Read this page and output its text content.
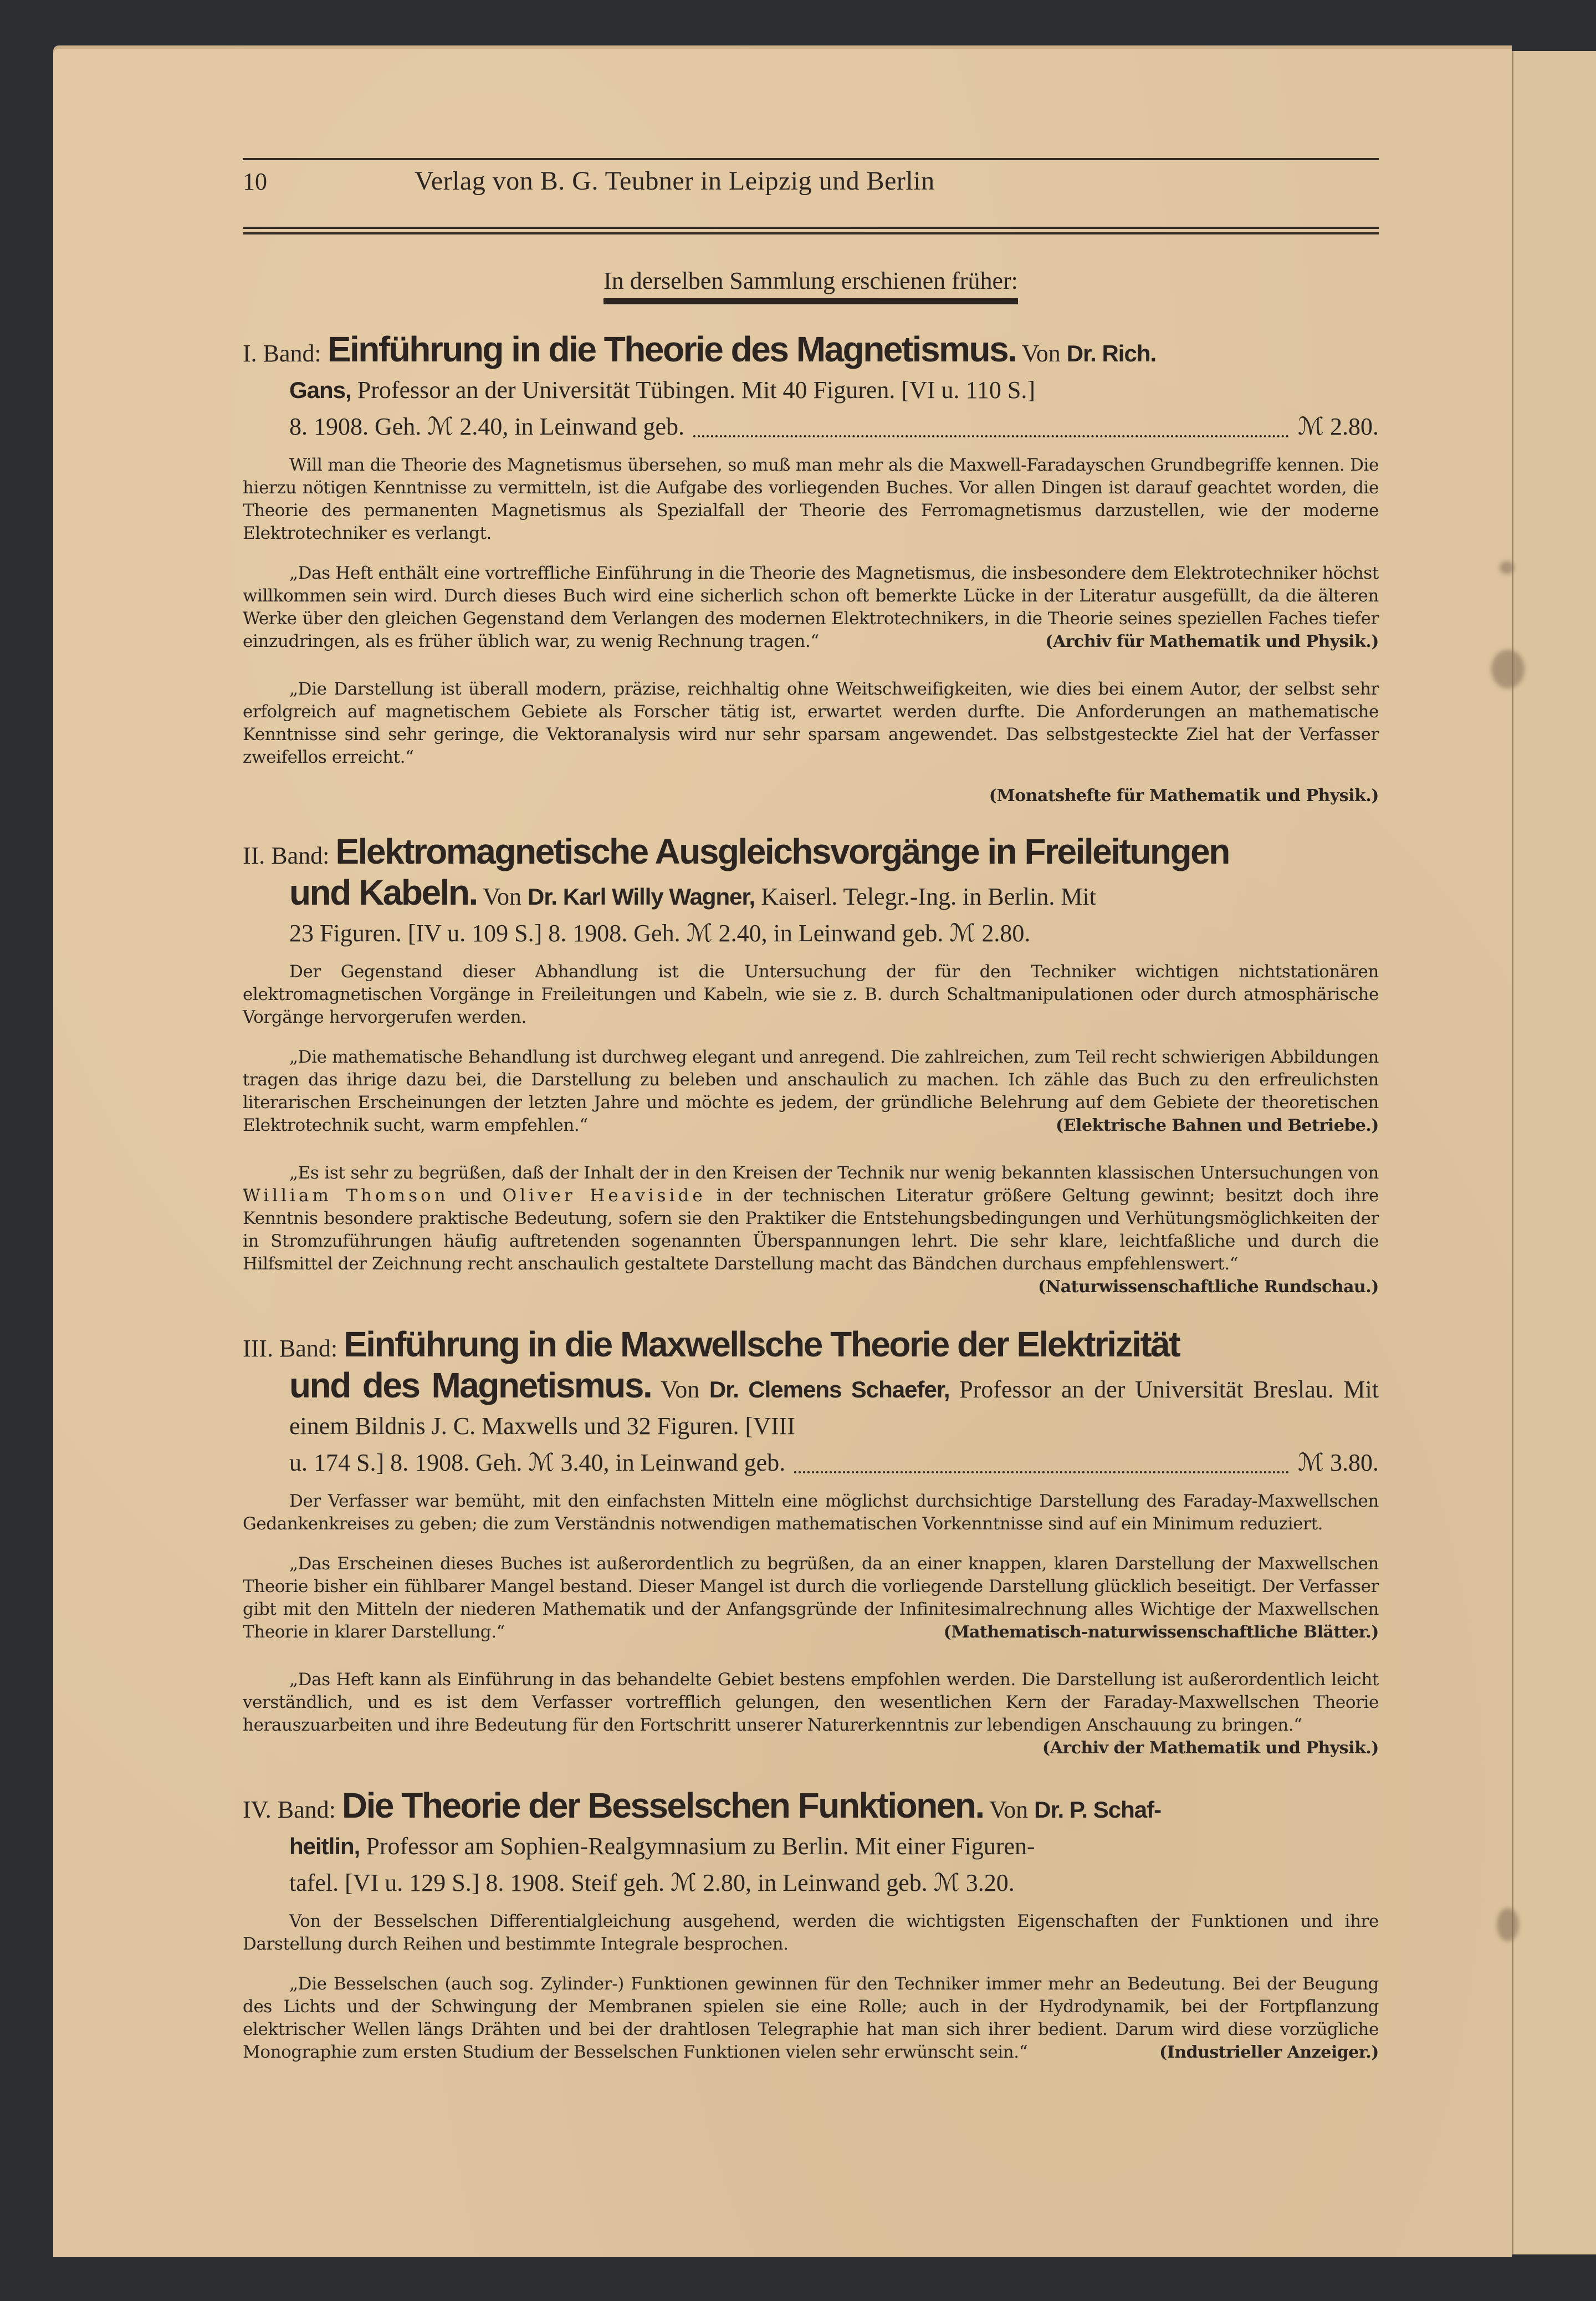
10	Verlag von B. G. Teubner in Leipzig und Berlin
In derselben Sammlung erschienen früher:
I. Band: Einführung in die Theorie des Magnetismus. Von Dr. Rich.
Gans, Professor an der Universität Tübingen. Mit 40 Figuren. [VI u. 110 S.]
8. 1908. Geh. ℳ 2.40, in Leinwand geb.	ℳ 2.80.

Will man die Theorie des Magnetismus übersehen, so muß man mehr als die Maxwell-Faradayschen Grundbegriffe kennen. Die hierzu nötigen Kenntnisse zu vermitteln, ist die Aufgabe des vorliegenden Buches. Vor allen Dingen ist darauf geachtet worden, die Theorie des permanenten Magnetismus als Spezialfall der Theorie des Ferromagnetismus darzustellen, wie der moderne Elektrotechniker es verlangt.

„Das Heft enthält eine vortreffliche Einführung in die Theorie des Magnetismus, die insbesondere dem Elektrotechniker höchst willkommen sein wird. Durch dieses Buch wird eine sicherlich schon oft bemerkte Lücke in der Literatur ausgefüllt, da die älteren Werke über den gleichen Gegenstand dem Verlangen des modernen Elektrotechnikers, in die Theorie seines speziellen Faches tiefer einzudringen, als es früher üblich war, zu wenig Rechnung tragen.“	(Archiv für Mathematik und Physik.)

„Die Darstellung ist überall modern, präzise, reichhaltig ohne Weitschweifigkeiten, wie dies bei einem Autor, der selbst sehr erfolgreich auf magnetischem Gebiete als Forscher tätig ist, erwartet werden durfte. Die Anforderungen an mathematische Kenntnisse sind sehr geringe, die Vektoranalysis wird nur sehr sparsam angewendet. Das selbstgesteckte Ziel hat der Verfasser zweifellos erreicht.“

(Monatshefte für Mathematik und Physik.)
II. Band: Elektromagnetische Ausgleichsvorgänge in Freileitungen
und Kabeln. Von Dr. Karl Willy Wagner, Kaiserl. Telegr.-Ing. in Berlin. Mit
23 Figuren. [IV u. 109 S.] 8. 1908. Geh. ℳ 2.40, in Leinwand geb. ℳ 2.80.

Der Gegenstand dieser Abhandlung ist die Untersuchung der für den Techniker wichtigen nichtstationären elektromagnetischen Vorgänge in Freileitungen und Kabeln, wie sie z. B. durch Schaltmanipulationen oder durch atmosphärische Vorgänge hervorgerufen werden.

„Die mathematische Behandlung ist durchweg elegant und anregend. Die zahlreichen, zum Teil recht schwierigen Abbildungen tragen das ihrige dazu bei, die Darstellung zu beleben und anschaulich zu machen. Ich zähle das Buch zu den erfreulichsten literarischen Erscheinungen der letzten Jahre und möchte es jedem, der gründliche Belehrung auf dem Gebiete der theoretischen Elektrotechnik sucht, warm empfehlen.“	(Elektrische Bahnen und Betriebe.)

„Es ist sehr zu begrüßen, daß der Inhalt der in den Kreisen der Technik nur wenig bekannten klassischen Untersuchungen von William Thomson und Oliver Heaviside in der technischen Literatur größere Geltung gewinnt; besitzt doch ihre Kenntnis besondere praktische Bedeutung, sofern sie den Praktiker die Entstehungsbedingungen und Verhütungsmöglichkeiten der in Stromzuführungen häufig auftretenden sogenannten Überspannungen lehrt. Die sehr klare, leichtfaßliche und durch die Hilfsmittel der Zeichnung recht anschaulich gestaltete Darstellung macht das Bändchen durchaus empfehlenswert.“
(Naturwissenschaftliche Rundschau.)

III. Band: Einführung in die Maxwellsche Theorie der Elektrizität
und des Magnetismus. Von Dr. Clemens Schaefer, Professor an der Universität Breslau. Mit einem Bildnis J. C. Maxwells und 32 Figuren. [VIII
u. 174 S.] 8. 1908. Geh. ℳ 3.40, in Leinwand geb.	ℳ 3.80.

Der Verfasser war bemüht, mit den einfachsten Mitteln eine möglichst durchsichtige Darstellung des Faraday-Maxwellschen Gedankenkreises zu geben; die zum Verständnis notwendigen mathematischen Vorkenntnisse sind auf ein Minimum reduziert.

„Das Erscheinen dieses Buches ist außerordentlich zu begrüßen, da an einer knappen, klaren Darstellung der Maxwellschen Theorie bisher ein fühlbarer Mangel bestand. Dieser Mangel ist durch die vorliegende Darstellung glücklich beseitigt. Der Verfasser gibt mit den Mitteln der niederen Mathematik und der Anfangsgründe der Infinitesimalrechnung alles Wichtige der Maxwellschen Theorie in klarer Darstellung.“	(Mathematisch-naturwissenschaftliche Blätter.)

„Das Heft kann als Einführung in das behandelte Gebiet bestens empfohlen werden. Die Darstellung ist außerordentlich leicht verständlich, und es ist dem Verfasser vortrefflich gelungen, den wesentlichen Kern der Faraday-Maxwellschen Theorie herauszuarbeiten und ihre Bedeutung für den Fortschritt unserer Naturerkenntnis zur lebendigen Anschauung zu bringen.“
(Archiv der Mathematik und Physik.)

IV. Band: Die Theorie der Besselschen Funktionen. Von Dr. P. Schaf-
heitlin, Professor am Sophien-Realgymnasium zu Berlin. Mit einer Figuren-
tafel. [VI u. 129 S.] 8. 1908. Steif geh. ℳ 2.80, in Leinwand geb. ℳ 3.20.

Von der Besselschen Differentialgleichung ausgehend, werden die wichtigsten Eigenschaften der Funktionen und ihre Darstellung durch Reihen und bestimmte Integrale besprochen.

„Die Besselschen (auch sog. Zylinder-) Funktionen gewinnen für den Techniker immer mehr an Bedeutung. Bei der Beugung des Lichts und der Schwingung der Membranen spielen sie eine Rolle; auch in der Hydrodynamik, bei der Fortpflanzung elektrischer Wellen längs Drähten und bei der drahtlosen Telegraphie hat man sich ihrer bedient. Darum wird diese vorzügliche Monographie zum ersten Studium der Besselschen Funktionen vielen sehr erwünscht sein.“	(Industrieller Anzeiger.)
